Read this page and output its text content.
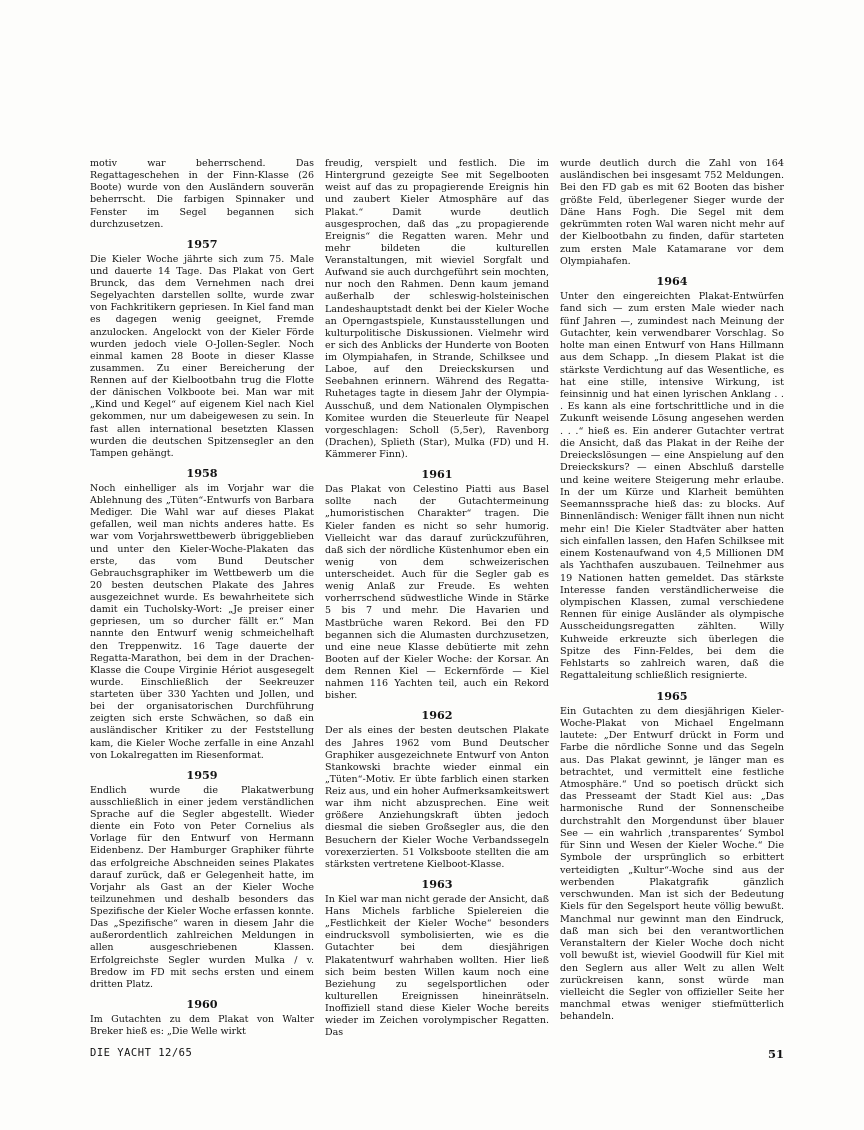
motiv war beherrschend. Das Regattageschehen in der Finn-Klasse (26 Boote) wurde von den Ausländern souverän beherrscht. Die farbigen Spinnaker und Fenster im Segel begannen sich durchzusetzen.

1957

Die Kieler Woche jährte sich zum 75. Male und dauerte 14 Tage. Das Plakat von Gert Brunck, das dem Vernehmen nach drei Segelyachten darstellen sollte, wurde zwar von Fachkritikern gepriesen. In Kiel fand man es dagegen wenig geeignet, Fremde anzulocken. Angelockt von der Kieler Förde wurden jedoch viele O-Jollen-Segler. Noch einmal kamen 28 Boote in dieser Klasse zusammen. Zu einer Bereicherung der Rennen auf der Kielbootbahn trug die Flotte der dänischen Volkboote bei. Man war mit „Kind und Kegel“ auf eigenem Kiel nach Kiel gekommen, nur um dabeigewesen zu sein. In fast allen international besetzten Klassen wurden die deutschen Spitzensegler an den Tampen gehängt.

1958

Noch einhelliger als im Vorjahr war die Ablehnung des „Tüten“-Entwurfs von Barbara Mediger. Die Wahl war auf dieses Plakat gefallen, weil man nichts anderes hatte. Es war vom Vorjahrswettbewerb übriggeblieben und unter den Kieler-Woche-Plakaten das erste, das vom Bund Deutscher Gebrauchsgraphiker im Wettbewerb um die 20 besten deutschen Plakate des Jahres ausgezeichnet wurde. Es bewahrheitete sich damit ein Tucholsky-Wort: „Je preiser einer gepriesen, um so durcher fällt er.“ Man nannte den Entwurf wenig schmeichelhaft den Treppenwitz. 16 Tage dauerte der Regatta-Marathon, bei dem in der Drachen-Klasse die Coupe Virginie Hériot ausgesegelt wurde. Einschließlich der Seekreuzer starteten über 330 Yachten und Jollen, und bei der organisatorischen Durchführung zeigten sich erste Schwächen, so daß ein ausländischer Kritiker zu der Feststellung kam, die Kieler Woche zerfalle in eine Anzahl von Lokalregatten im Riesenformat.

1959

Endlich wurde die Plakatwerbung ausschließlich in einer jedem verständlichen Sprache auf die Segler abgestellt. Wieder diente ein Foto von Peter Cornelius als Vorlage für den Entwurf von Hermann Eidenbenz. Der Hamburger Graphiker führte das erfolgreiche Abschneiden seines Plakates darauf zurück, daß er Gelegenheit hatte, im Vorjahr als Gast an der Kieler Woche teilzunehmen und deshalb besonders das Spezifische der Kieler Woche erfassen konnte. Das „Spezifische“ waren in diesem Jahr die außerordentlich zahlreichen Meldungen in allen ausgeschriebenen Klassen. Erfolgreichste Segler wurden Mulka / v. Bredow im FD mit sechs ersten und einem dritten Platz.

1960

Im Gutachten zu dem Plakat von Walter Breker hieß es: „Die Welle wirkt

freudig, verspielt und festlich. Die im Hintergrund gezeigte See mit Segelbooten weist auf das zu propagierende Ereignis hin und zaubert Kieler Atmosphäre auf das Plakat.“ Damit wurde deutlich ausgesprochen, daß das „zu propagierende Ereignis“ die Regatten waren. Mehr und mehr bildeten die kulturellen Veranstaltungen, mit wieviel Sorgfalt und Aufwand sie auch durchgeführt sein mochten, nur noch den Rahmen. Denn kaum jemand außerhalb der schleswig-holsteinischen Landeshauptstadt denkt bei der Kieler Woche an Operngastspiele, Kunstausstellungen und kulturpolitische Diskussionen. Vielmehr wird er sich des Anblicks der Hunderte von Booten im Olympiahafen, in Strande, Schilksee und Laboe, auf den Dreieckskursen und Seebahnen erinnern. Während des Regatta-Ruhetages tagte in diesem Jahr der Olympia-Ausschuß, und dem Nationalen Olympischen Komitee wurden die Steuerleute für Neapel vorgeschlagen: Scholl (5,5er), Ravenborg (Drachen), Splieth (Star), Mulka (FD) und H. Kämmerer Finn).

1961

Das Plakat von Celestino Piatti aus Basel sollte nach der Gutachtermeinung „humoristischen Charakter“ tragen. Die Kieler fanden es nicht so sehr humorig. Vielleicht war das darauf zurückzuführen, daß sich der nördliche Küstenhumor eben ein wenig von dem schweizerischen unterscheidet. Auch für die Segler gab es wenig Anlaß zur Freude. Es wehten vorherrschend südwestliche Winde in Stärke 5 bis 7 und mehr. Die Havarien und Mastbrüche waren Rekord. Bei den FD begannen sich die Alumasten durchzusetzen, und eine neue Klasse debütierte mit zehn Booten auf der Kieler Woche: der Korsar. An dem Rennen Kiel — Eckernförde — Kiel nahmen 116 Yachten teil, auch ein Rekord bisher.

1962

Der als eines der besten deutschen Plakate des Jahres 1962 vom Bund Deutscher Graphiker ausgezeichnete Entwurf von Anton Stankowski brachte wieder einmal ein „Tüten“-Motiv. Er übte farblich einen starken Reiz aus, und ein hoher Aufmerksamkeitswert war ihm nicht abzusprechen. Eine weit größere Anziehungskraft übten jedoch diesmal die sieben Großsegler aus, die den Besuchern der Kieler Woche Verbandssegeln vorexerzierten. 51 Volksboote stellten die am stärksten vertretene Kielboot-Klasse.

1963

In Kiel war man nicht gerade der Ansicht, daß Hans Michels farbliche Spielereien die „Festlichkeit der Kieler Woche“ besonders eindrucksvoll symbolisierten, wie es die Gutachter bei dem diesjährigen Plakatentwurf wahrhaben wollten. Hier ließ sich beim besten Willen kaum noch eine Beziehung zu segelsportlichen oder kulturellen Ereignissen hineinrätseln. Inoffiziell stand diese Kieler Woche bereits wieder im Zeichen vorolympischer Regatten. Das

wurde deutlich durch die Zahl von 164 ausländischen bei insgesamt 752 Meldungen. Bei den FD gab es mit 62 Booten das bisher größte Feld, überlegener Sieger wurde der Däne Hans Fogh. Die Segel mit dem gekrümmten roten Wal waren nicht mehr auf der Kielbootbahn zu finden, dafür starteten zum ersten Male Katamarane vor dem Olympiahafen.

1964

Unter den eingereichten Plakat-Entwürfen fand sich — zum ersten Male wieder nach fünf Jahren —, zumindest nach Meinung der Gutachter, kein verwendbarer Vorschlag. So holte man einen Entwurf von Hans Hillmann aus dem Schapp. „In diesem Plakat ist die stärkste Verdichtung auf das Wesentliche, es hat eine stille, intensive Wirkung, ist feinsinnig und hat einen lyrischen Anklang . . . Es kann als eine fortschrittliche und in die Zukunft weisende Lösung angesehen werden . . .“ hieß es. Ein anderer Gutachter vertrat die Ansicht, daß das Plakat in der Reihe der Dreieckslösungen — eine Anspielung auf den Dreieckskurs? — einen Abschluß darstelle und keine weitere Steigerung mehr erlaube. In der um Kürze und Klarheit bemühten Seemannssprache hieß das: zu blocks. Auf Binnenländisch: Weniger fällt ihnen nun nicht mehr ein! Die Kieler Stadtväter aber hatten sich einfallen lassen, den Hafen Schilksee mit einem Kostenaufwand von 4,5 Millionen DM als Yachthafen auszubauen. Teilnehmer aus 19 Nationen hatten gemeldet. Das stärkste Interesse fanden verständlicherweise die olympischen Klassen, zumal verschiedene Rennen für einige Ausländer als olympische Ausscheidungsregatten zählten. Willy Kuhweide erkreuzte sich überlegen die Spitze des Finn-Feldes, bei dem die Fehlstarts so zahlreich waren, daß die Regattaleitung schließlich resignierte.

1965

Ein Gutachten zu dem diesjährigen Kieler-Woche-Plakat von Michael Engelmann lautete: „Der Entwurf drückt in Form und Farbe die nördliche Sonne und das Segeln aus. Das Plakat gewinnt, je länger man es betrachtet, und vermittelt eine festliche Atmosphäre.“ Und so poetisch drückt sich das Presseamt der Stadt Kiel aus: „Das harmonische Rund der Sonnenscheibe durchstrahlt den Morgendunst über blauer See — ein wahrlich ‚transparentes‘ Symbol für Sinn und Wesen der Kieler Woche.“ Die Symbole der ursprünglich so erbittert verteidigten „Kultur“-Woche sind aus der werbenden Plakatgrafik gänzlich verschwunden. Man ist sich der Bedeutung Kiels für den Segelsport heute völlig bewußt. Manchmal nur gewinnt man den Eindruck, daß man sich bei den verantwortlichen Veranstaltern der Kieler Woche doch nicht voll bewußt ist, wieviel Goodwill für Kiel mit den Seglern aus aller Welt zu allen Welt zurückreisen kann, sonst würde man vielleicht die Segler von offizieller Seite her manchmal etwas weniger stiefmütterlich behandeln.

DIE YACHT 12/65	51
